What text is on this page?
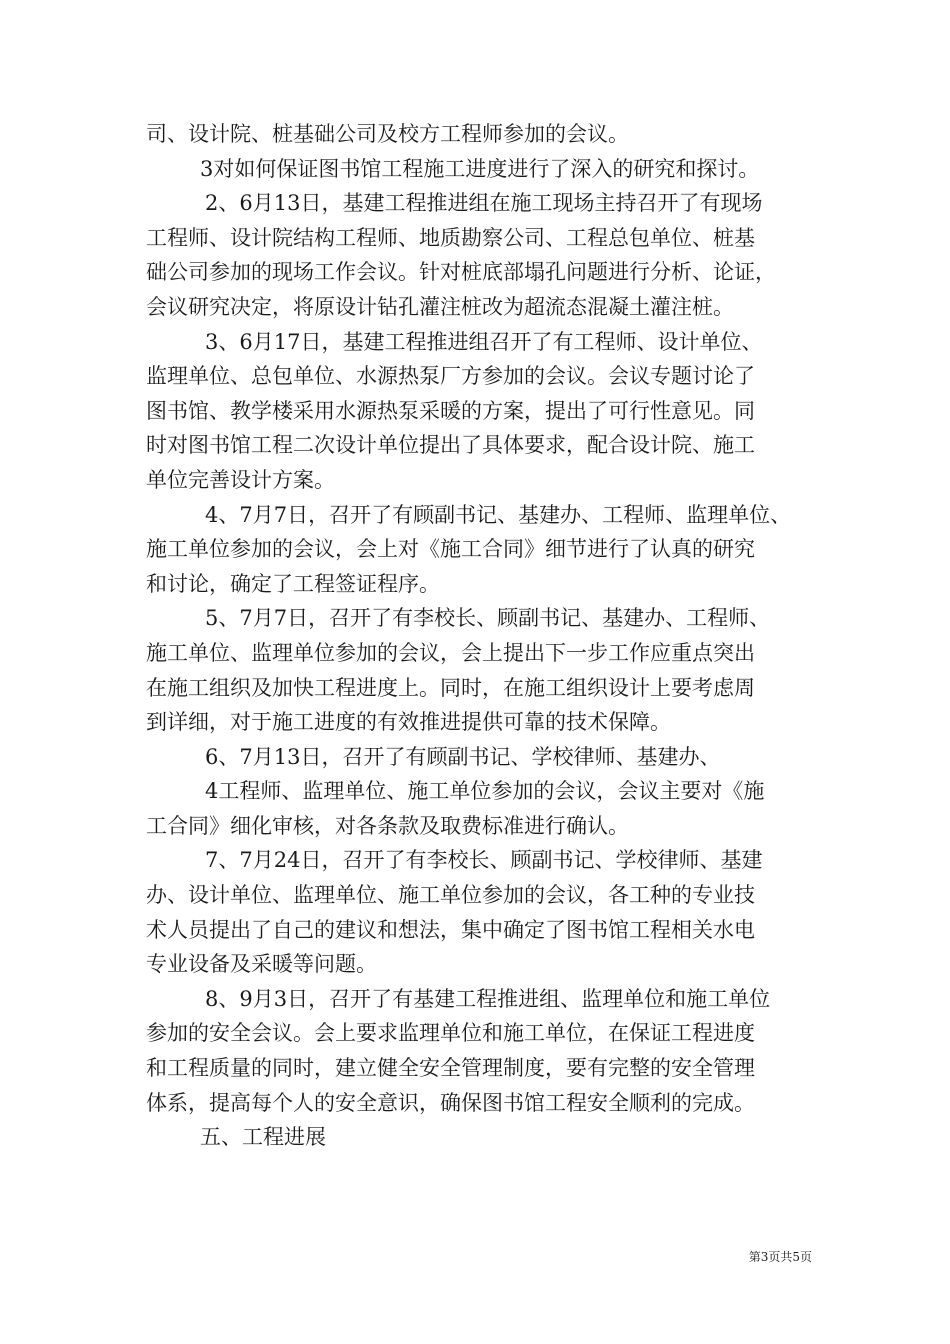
司、设计院、桩基础公司及校方工程师参加的会议。
3对如何保证图书馆工程施工进度进行了深入的研究和探讨。
2、6月13日，基建工程推进组在施工现场主持召开了有现场
工程师、设计院结构工程师、地质勘察公司、工程总包单位、桩基
础公司参加的现场工作会议。针对桩底部塌孔问题进行分析、论证，
会议研究决定，将原设计钻孔灌注桩改为超流态混凝土灌注桩。
3、6月17日，基建工程推进组召开了有工程师、设计单位、
监理单位、总包单位、水源热泵厂方参加的会议。会议专题讨论了
图书馆、教学楼采用水源热泵采暖的方案，提出了可行性意见。同
时对图书馆工程二次设计单位提出了具体要求，配合设计院、施工
单位完善设计方案。
4、7月7日，召开了有顾副书记、基建办、工程师、监理单位、
施工单位参加的会议，会上对《施工合同》细节进行了认真的研究
和讨论，确定了工程签证程序。
5、7月7日，召开了有李校长、顾副书记、基建办、工程师、
施工单位、监理单位参加的会议，会上提出下一步工作应重点突出
在施工组织及加快工程进度上。同时，在施工组织设计上要考虑周
到详细，对于施工进度的有效推进提供可靠的技术保障。
6、7月13日，召开了有顾副书记、学校律师、基建办、
4工程师、监理单位、施工单位参加的会议，会议主要对《施
工合同》细化审核，对各条款及取费标准进行确认。
7、7月24日，召开了有李校长、顾副书记、学校律师、基建
办、设计单位、监理单位、施工单位参加的会议，各工种的专业技
术人员提出了自己的建议和想法，集中确定了图书馆工程相关水电
专业设备及采暖等问题。
8、9月3日，召开了有基建工程推进组、监理单位和施工单位
参加的安全会议。会上要求监理单位和施工单位，在保证工程进度
和工程质量的同时，建立健全安全管理制度，要有完整的安全管理
体系，提高每个人的安全意识，确保图书馆工程安全顺利的完成。
五、工程进展
第3页共5页
